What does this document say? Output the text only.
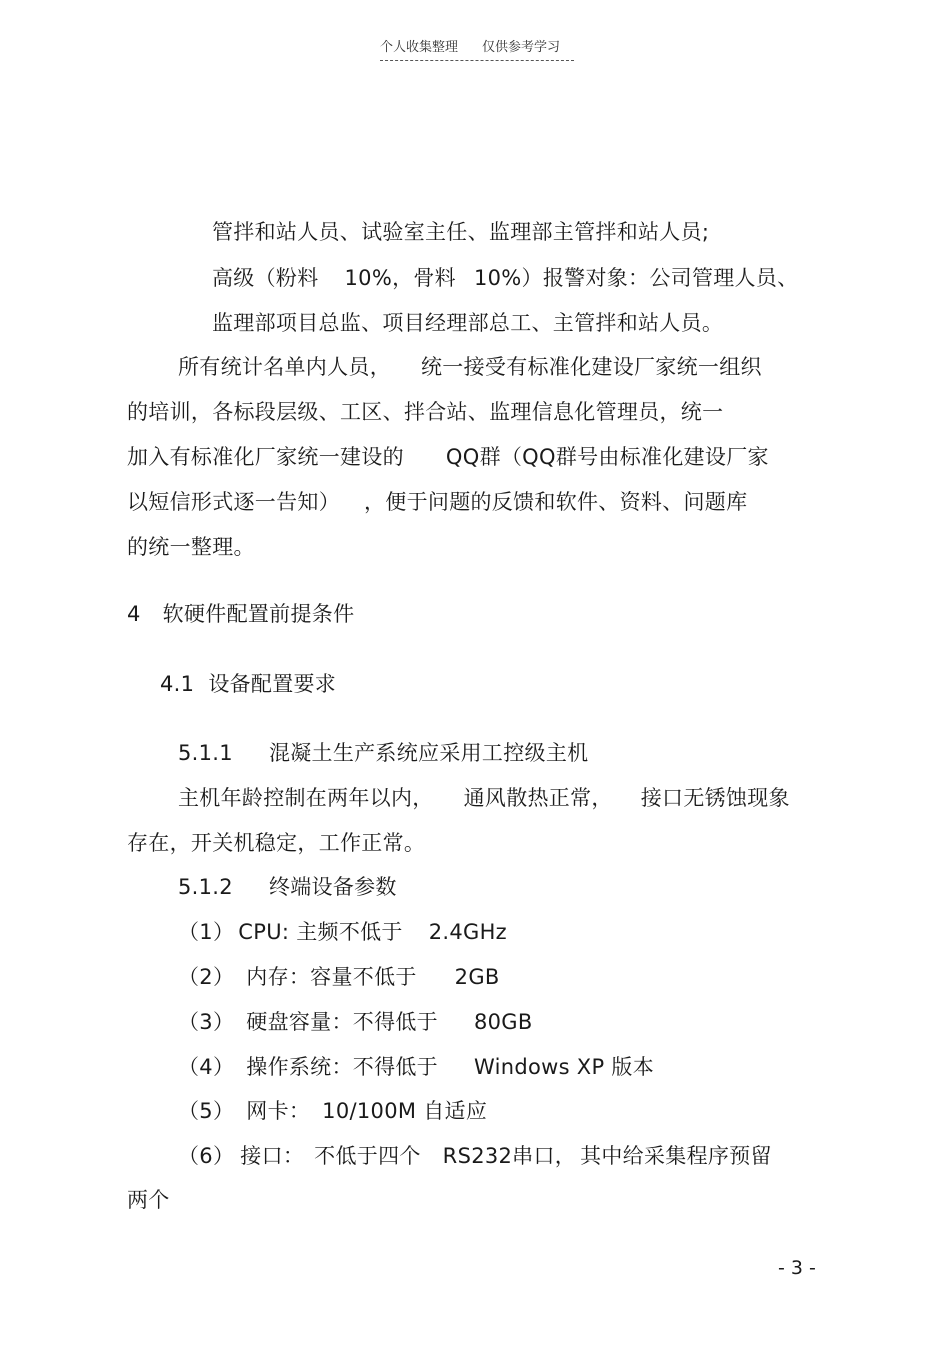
个人收集整理 仅供参考学习
管拌和站人员、试验室主任、监理部主管拌和站人员;
高级（粉料 10%，骨料 10%）报警对象：公司管理人员、
监理部项目总监、项目经理部总工、主管拌和站人员。
所有统计名单内人员， 统一接受有标准化建设厂家统一组织
的培训，各标段层级、工区、拌合站、监理信息化管理员，统一
加入有标准化厂家统一建设的 QQ群（QQ群号由标准化建设厂家
以短信形式逐一告知） ，便于问题的反馈和软件、资料、问题库
的统一整理。
4 软硬件配置前提条件
4.1 设备配置要求
5.1.1 混凝土生产系统应采用工控级主机
主机年龄控制在两年以内， 通风散热正常， 接口无锈蚀现象
存在，开关机稳定，工作正常。
5.1.2 终端设备参数
（1） CPU: 主频不低于 2.4GHz
（2） 内存：容量不低于 2GB
（3） 硬盘容量：不得低于 80GB
（4） 操作系统：不得低于 Windows XP 版本
（5） 网卡： 10/100M 自适应
（6） 接口： 不低于四个 RS232串口， 其中给采集程序预留
两个
- 3 -
